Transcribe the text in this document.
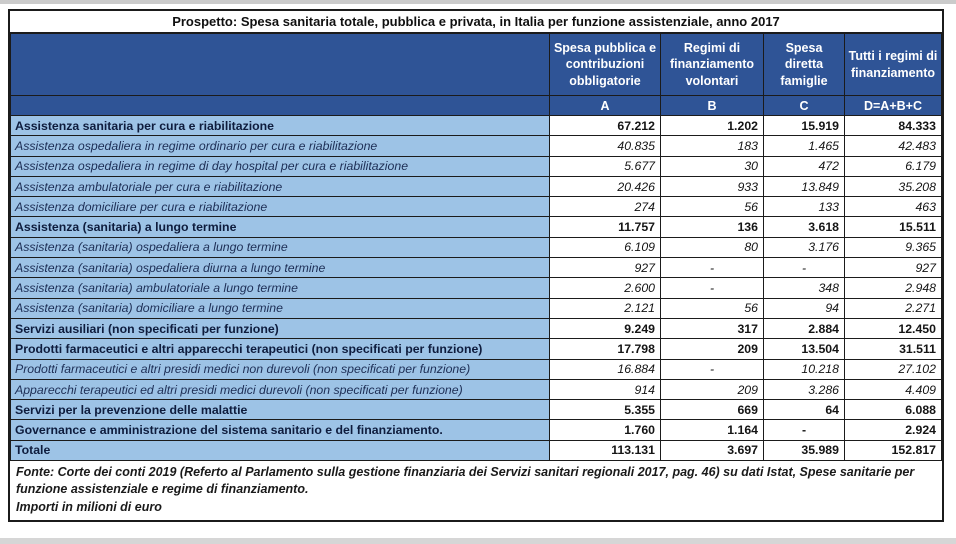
Prospetto: Spesa sanitaria totale, pubblica e privata, in Italia per funzione assistenziale, anno 2017
	Spesa pubblica e contribuzioni obbligatorie	Regimi di finanziamento volontari	Spesa diretta famiglie	Tutti i regimi di finanziamento
	A	B	C	D=A+B+C
Assistenza sanitaria per cura e riabilitazione	67.212	1.202	15.919	84.333
Assistenza ospedaliera in regime ordinario per cura e riabilitazione	40.835	183	1.465	42.483
Assistenza ospedaliera in regime di day hospital per cura e riabilitazione	5.677	30	472	6.179
Assistenza ambulatoriale per cura e riabilitazione	20.426	933	13.849	35.208
Assistenza domiciliare per cura e riabilitazione	274	56	133	463
Assistenza (sanitaria) a lungo termine	11.757	136	3.618	15.511
Assistenza (sanitaria) ospedaliera a lungo termine	6.109	80	3.176	9.365
Assistenza (sanitaria) ospedaliera diurna a lungo termine	927	-	-	927
Assistenza (sanitaria) ambulatoriale a lungo termine	2.600	-	348	2.948
Assistenza (sanitaria) domiciliare a lungo termine	2.121	56	94	2.271
Servizi ausiliari (non specificati per funzione)	9.249	317	2.884	12.450
Prodotti farmaceutici e altri apparecchi terapeutici (non specificati per funzione)	17.798	209	13.504	31.511
Prodotti farmaceutici e altri presidi medici non durevoli (non specificati per funzione)	16.884	-	10.218	27.102
Apparecchi terapeutici ed altri presidi medici durevoli (non specificati per funzione)	914	209	3.286	4.409
Servizi per la prevenzione delle malattie	5.355	669	64	6.088
Governance e amministrazione del sistema sanitario e del finanziamento.	1.760	1.164	-	2.924
Totale	113.131	3.697	35.989	152.817
Fonte: Corte dei conti 2019 (Referto al Parlamento sulla gestione finanziaria dei Servizi sanitari regionali 2017, pag. 46) su dati Istat, Spese sanitarie per funzione assistenziale e regime di finanziamento.
Importi in milioni di euro
